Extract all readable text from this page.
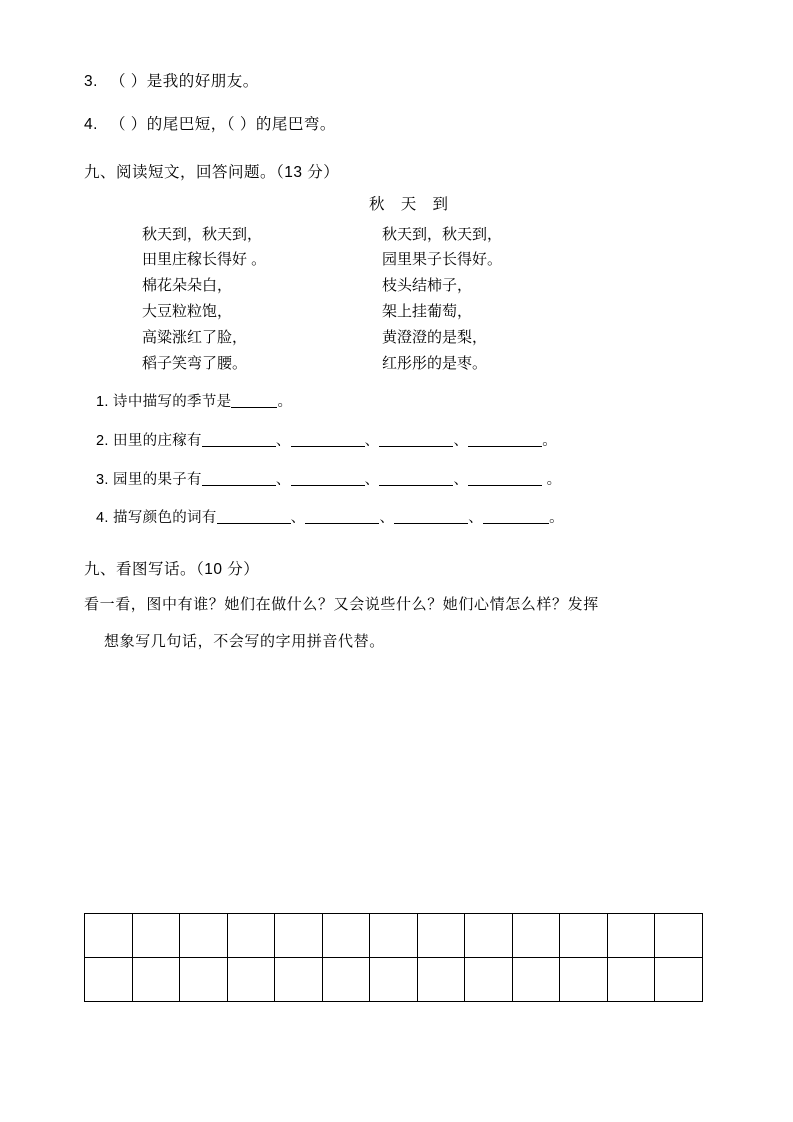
3. （ ）是我的好朋友。
4. （ ）的尾巴短，（ ）的尾巴弯。
九、阅读短文，回答问题。（13 分）
秋 天 到
秋天到，秋天到，	秋天到，秋天到，
田里庄稼长得好 。	园里果子长得好。
棉花朵朵白，	枝头结柿子，
大豆粒粒饱，	架上挂葡萄，
高粱涨红了脸，	黄澄澄的是梨，
稻子笑弯了腰。	红彤彤的是枣。
1. 诗中描写的季节是	。
2. 田里的庄稼有	、	、	、	。
3. 园里的果子有	、	、	、	。
4. 描写颜色的词有	、	、	、	。
九、看图写话。（10 分）
看一看，图中有谁？她们在做什么？又会说些什么？她们心情怎么样？发挥
想象写几句话，不会写的字用拼音代替。
